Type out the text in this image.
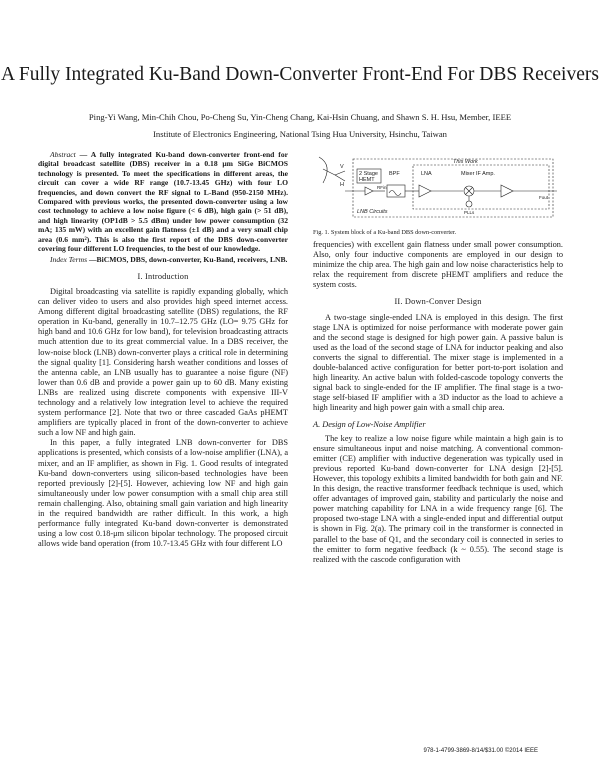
A Fully Integrated Ku-Band Down-Converter Front-End For DBS Receivers
Ping-Yi Wang, Min-Chih Chou, Po-Cheng Su, Yin-Cheng Chang, Kai-Hsin Chuang, and Shawn S. H. Hsu, Member, IEEE
Institute of Electronics Engineering, National Tsing Hua University, Hsinchu, Taiwan

Abstract — A fully integrated Ku-band down-converter front-end for digital broadcast satellite (DBS) receiver in a 0.18 μm SiGe BiCMOS technology is presented. To meet the specifications in different areas, the circuit can cover a wide RF range (10.7-13.45 GHz) with four LO frequencies, and down convert the RF signal to L-Band (950-2150 MHz). Compared with previous works, the presented down-converter using a low cost technology to achieve a low noise figure (< 6 dB), high gain (> 51 dB), and high linearity (OP1dB > 5.5 dBm) under low power consumption (32 mA; 135 mW) with an excellent gain flatness (±1 dB) and a very small chip area (0.6 mm²). This is also the first report of the DBS down-converter covering four different LO frequencies, to the best of our knowledge.

Index Terms —BiCMOS, DBS, down-converter, Ku-Band, receivers, LNB.

I. Introduction

Digital broadcasting via satellite is rapidly expanding globally, which can deliver video to users and also provides high speed internet access. Among different digital broadcasting satellite (DBS) regulations, the RF operation in Ku-band, generally in 10.7–12.75 GHz (LO= 9.75 GHz for high band and 10.6 GHz for low band), for television broadcasting attracts much attention due to its great commercial value. In a DBS receiver, the low-noise block (LNB) down-converter plays a critical role in determining the signal quality [1]. Considering harsh weather conditions and losses of the antenna cable, an LNB usually has to guarantee a noise figure (NF) lower than 0.6 dB and provide a power gain up to 60 dB. Many existing LNBs are realized using discrete components with expensive III-V technology and a relatively low integration level to achieve the required system performance [2]. Note that two or three cascaded GaAs pHEMT amplifiers are typically placed in front of the down-converter to achieve such a low NF and high gain.

In this paper, a fully integrated LNB down-converter for DBS applications is presented, which consists of a low-noise amplifier (LNA), a mixer, and an IF amplifier, as shown in Fig. 1. Good results of integrated Ku-band down-converters using silicon-based technologies have been reported previously [2]-[5]. However, achieving low NF and high gain simultaneously under low power consumption with a small chip area still remain challenging. Also, obtaining small gain variation and high linearity in the required bandwidth are rather difficult. In this work, a high performance fully integrated Ku-band down-converter is demonstrated using a low cost 0.18-μm silicon bipolar technology. The proposed circuit allows wide band operation (from 10.7-13.45 GHz with four different LO

V
H
This Work
2 Stage
HEMT
RFin
BPF	LNA	Mixer IF Amp.
Fout
PLLs
LNB Circuits
Fig. 1. System block of a Ku-band DBS down-converter.

frequencies) with excellent gain flatness under small power consumption. Also, only four inductive components are employed in our design to minimize the chip area. The high gain and low noise characteristics help to relax the requirement from discrete pHEMT amplifiers and reduce the system costs.

II. Down-Conver Design

A two-stage single-ended LNA is employed in this design. The first stage LNA is optimized for noise performance with moderate power gain and the second stage is designed for high power gain. A passive balun is used as the load of the second stage of LNA for inductor peaking and also converts the signal to differential. The mixer stage is implemented in a double-balanced active configuration for better port-to-port isolation and high linearity. An active balun with folded-cascode topology converts the signal back to single-ended for the IF amplifier. The final stage is a two-stage self-biased IF amplifier with a 3D inductor as the load to achieve a high linearity and high power gain with a small chip area.

A. Design of Low-Noise Amplifier

The key to realize a low noise figure while maintain a high gain is to ensure simultaneous input and noise matching. A conventional common-emitter (CE) amplifier with inductive degeneration was typically used in previous reported Ku-band down-converter for LNA design [2]-[5]. However, this topology exhibits a limited bandwidth for both gain and NF. In this design, the reactive transformer feedback technique is used, which offer advantages of improved gain, stability and particularly the noise and power matching capability for LNA in a wide frequency range [6]. The proposed two-stage LNA with a single-ended input and differential output is shown in Fig. 2(a). The primary coil in the transformer is connected in parallel to the base of Q1, and the secondary coil is connected in series to the emitter to form negative feedback (k ~ 0.55). The second stage is realized with the cascode configuration with

978-1-4799-3869-8/14/$31.00 ©2014 IEEE
